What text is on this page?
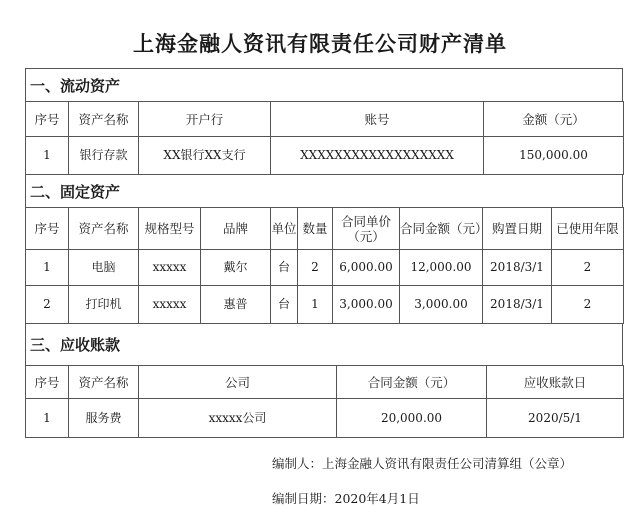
上海金融人资讯有限责任公司财产清单
一、流动资产
序号	资产名称	开户行	账号	金额（元）
1	银行存款	XX银行XX支行	XXXXXXXXXXXXXXXXXX	150,000.00
二、固定资产
序号	资产名称	规格型号	品牌	单位	数量	合同单价（元）	合同金额（元）	购置日期	已使用年限
1	电脑	xxxxx	戴尔	台	2	6,000.00	12,000.00	2018/3/1	2
2	打印机	xxxxx	惠普	台	1	3,000.00	3,000.00	2018/3/1	2
三、应收账款
序号	资产名称	公司	合同金额（元）	应收账款日
1	服务费	xxxxx公司	20,000.00	2020/5/1
编制人：上海金融人资讯有限责任公司清算组（公章）
编制日期：2020年4月1日
